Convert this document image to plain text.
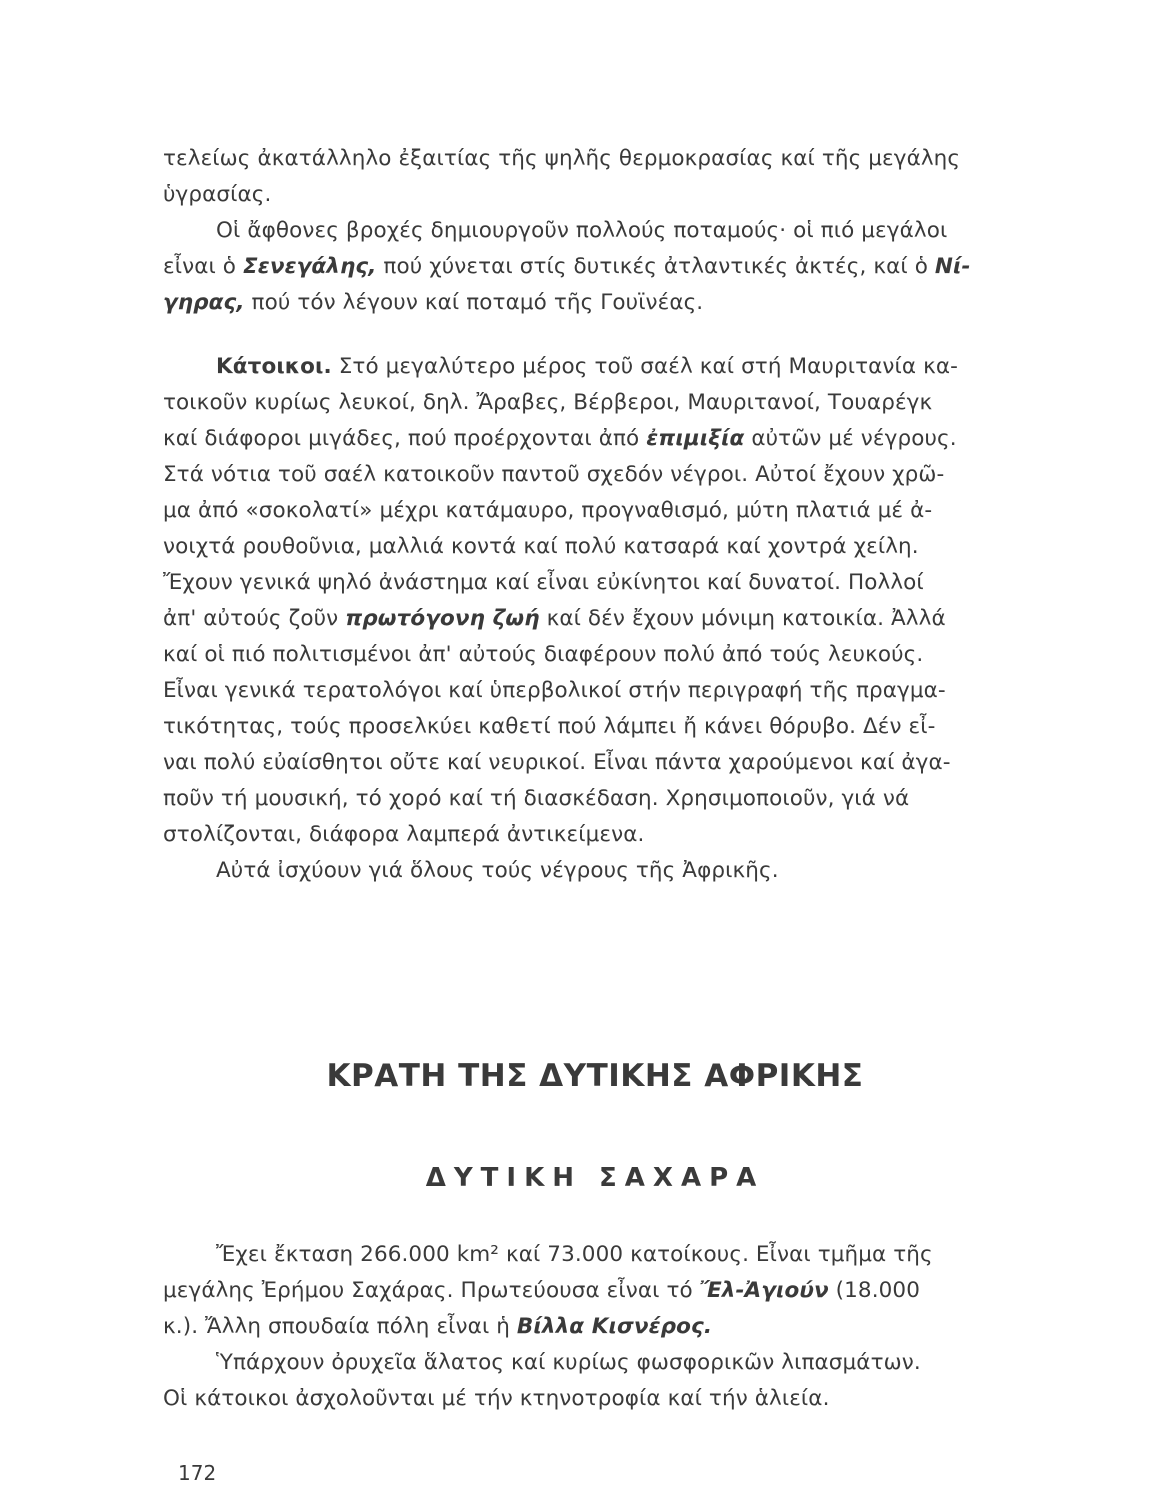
τελείως ἀκατάλληλο ἐξαιτίας τῆς ψηλῆς θερμοκρασίας καί τῆς μεγάλης
ὑγρασίας.
Οἱ ἄφθονες βροχές δημιουργοῦν πολλούς ποταμούς· οἱ πιό μεγάλοι
εἶναι ὁ Σενεγάλης, πού χύνεται στίς δυτικές ἀτλαντικές ἀκτές, καί ὁ Νί-
γηρας, πού τόν λέγουν καί ποταμό τῆς Γουϊνέας.
Κάτοικοι. Στό μεγαλύτερο μέρος τοῦ σαέλ καί στή Μαυριτανία κα-
τοικοῦν κυρίως λευκοί, δηλ. Ἄραβες, Βέρβεροι, Μαυριτανοί, Τουαρέγκ
καί διάφοροι μιγάδες, πού προέρχονται ἀπό ἐπιμιξία αὐτῶν μέ νέγρους.
Στά νότια τοῦ σαέλ κατοικοῦν παντοῦ σχεδόν νέγροι. Αὐτοί ἔχουν χρῶ-
μα ἀπό «σοκολατί» μέχρι κατάμαυρο, προγναθισμό, μύτη πλατιά μέ ἀ-
νοιχτά ρουθοῦνια, μαλλιά κοντά καί πολύ κατσαρά καί χοντρά χείλη.
Ἔχουν γενικά ψηλό ἀνάστημα καί εἶναι εὐκίνητοι καί δυνατοί. Πολλοί
ἀπ' αὐτούς ζοῦν πρωτόγονη ζωή καί δέν ἔχουν μόνιμη κατοικία. Ἀλλά
καί οἱ πιό πολιτισμένοι ἀπ' αὐτούς διαφέρουν πολύ ἀπό τούς λευκούς.
Εἶναι γενικά τερατολόγοι καί ὑπερβολικοί στήν περιγραφή τῆς πραγμα-
τικότητας, τούς προσελκύει καθετί πού λάμπει ἤ κάνει θόρυβο. Δέν εἶ-
ναι πολύ εὐαίσθητοι οὔτε καί νευρικοί. Εἶναι πάντα χαρούμενοι καί ἀγα-
ποῦν τή μουσική, τό χορό καί τή διασκέδαση. Χρησιμοποιοῦν, γιά νά
στολίζονται, διάφορα λαμπερά ἀντικείμενα.
Αὐτά ἰσχύουν γιά ὅλους τούς νέγρους τῆς Ἀφρικῆς.
ΚΡΑΤΗ ΤΗΣ ΔΥΤΙΚΗΣ ΑΦΡΙΚΗΣ
ΔΥΤΙΚΗ ΣΑΧΑΡΑ
Ἔχει ἔκταση 266.000 km² καί 73.000 κατοίκους. Εἶναι τμῆμα τῆς
μεγάλης Ἐρήμου Σαχάρας. Πρωτεύουσα εἶναι τό Ἔλ-Ἀγιούν (18.000
κ.). Ἄλλη σπουδαία πόλη εἶναι ἡ Βίλλα Κισνέρος.
Ὑπάρχουν ὀρυχεῖα ἅλατος καί κυρίως φωσφορικῶν λιπασμάτων.
Οἱ κάτοικοι ἀσχολοῦνται μέ τήν κτηνοτροφία καί τήν ἁλιεία.
172
